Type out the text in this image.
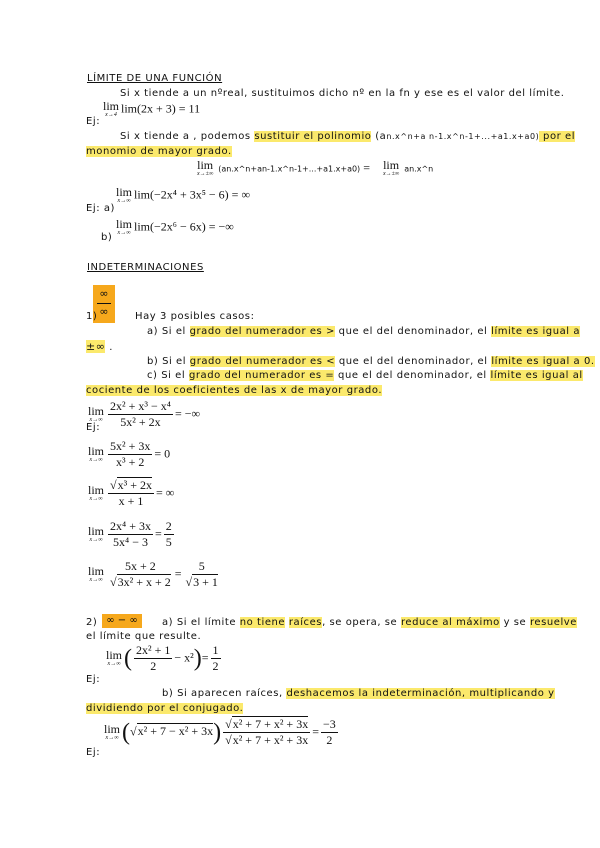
LÍMITE DE UNA FUNCIÓN
Si x tiende a un nºreal, sustituimos dicho nº en la fn y ese es el valor del límite.
lim
x→4 lim(2x + 3) = 11
Ej:
Si x tiende a , podemos sustituir el polinomio (an.x^n+a n-1.x^n-1+...+a1.x+a0) por el
monomio de mayor grado.
lim
x→±∞
(an.x^n+an-1.x^n-1+...+a1.x+a0) = lim
x→±∞
an.x^n
lim
x→∞ lim(−2x⁴ + 3x⁵ − 6) = ∞
Ej: a)
lim
x→∞ lim(−2x⁶ − 6x) = −∞
b)
INDETERMINACIONES
∞
∞
1)	Hay 3 posibles casos:
a) Si el grado del numerador es > que el del denominador, el límite es igual a
±∞ .
b) Si el grado del numerador es < que el del denominador, el límite es igual a 0.
c) Si el grado del numerador es = que el del denominador, el límite es igual al
cociente de los coeficientes de las x de mayor grado.
lim
$x\to\infty \frac{\text{2x² + x³ − x⁴}}{\text{5x² + 2x}}$ = −∞
Ej:
lim
$x\to\infty \frac{\text{5x² + 3x}}{\text{x³ + 2}} = 0$
lim
$x\to\infty \frac{\text{√x³ + 2x}}{x + 1}$ = ∞
lim
$x\to\infty \frac{\text{2x⁴ + 3x}}{\text{5x⁴ − 3}} = \frac{2}{5}$
lim
$x\to\infty \frac{5x + 2}{\text{√3x² + x + 2}} = \frac{5}{√3 + 1}$
2) ∞ − ∞	a) Si el límite no tiene raíces, se opera, se reduce al máximo y se resuelve
el límite que resulte.
lim
x→∞ ( $\frac{\text{2x² + 1}}{2} - x^2)= \frac{1}{2}$
Ej:
b) Si aparecen raíces, deshacemos la indeterminación, multiplicando y
dividiendo por el conjugado.
lim
x→∞ $(√x^2 + 7 - x^2 + 3x) \frac{\text{√x² + 7 + x² + 3x}}{\text{√x² + 7 + x² + 3x}} = \frac{-3}{2}$
Ej:
